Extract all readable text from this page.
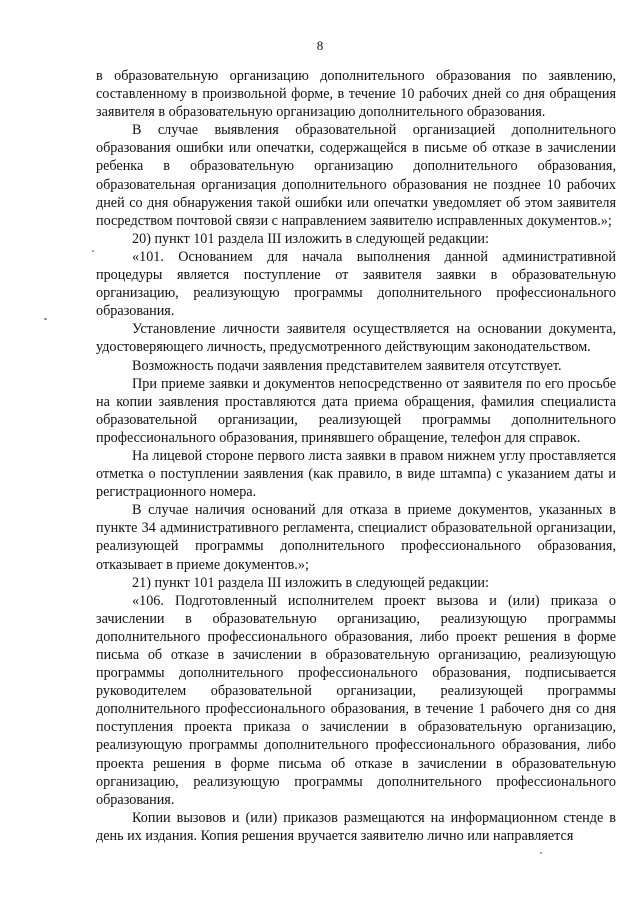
8

в образовательную организацию дополнительного образования по заявлению, составленному в произвольной форме, в течение 10 рабочих дней со дня обращения заявителя в образовательную организацию дополнительного образования.

В случае выявления образовательной организацией дополнительного образования ошибки или опечатки, содержащейся в письме об отказе в зачислении ребенка в образовательную организацию дополнительного образования, образовательная организация дополнительного образования не позднее 10 рабочих дней со дня обнаружения такой ошибки или опечатки уведомляет об этом заявителя посредством почтовой связи с направлением заявителю исправленных документов.»;

20) пункт 101 раздела III изложить в следующей редакции:

«101. Основанием для начала выполнения данной административной процедуры является поступление от заявителя заявки в образовательную организацию, реализующую программы дополнительного профессионального образования.

Установление личности заявителя осуществляется на основании документа, удостоверяющего личность, предусмотренного действующим законодательством.

Возможность подачи заявления представителем заявителя отсутствует.

При приеме заявки и документов непосредственно от заявителя по его просьбе на копии заявления проставляются дата приема обращения, фамилия специалиста образовательной организации, реализующей программы дополнительного профессионального образования, принявшего обращение, телефон для справок.

На лицевой стороне первого листа заявки в правом нижнем углу проставляется отметка о поступлении заявления (как правило, в виде штампа) с указанием даты и регистрационного номера.

В случае наличия оснований для отказа в приеме документов, указанных в пункте 34 административного регламента, специалист образовательной организации, реализующей программы дополнительного профессионального образования, отказывает в приеме документов.»;

21) пункт 101 раздела III изложить в следующей редакции:

«106. Подготовленный исполнителем проект вызова и (или) приказа о зачислении в образовательную организацию, реализующую программы дополнительного профессионального образования, либо проект решения в форме письма об отказе в зачислении в образовательную организацию, реализующую программы дополнительного профессионального образования, подписывается руководителем образовательной организации, реализующей программы дополнительного профессионального образования, в течение 1 рабочего дня со дня поступления проекта приказа о зачислении в образовательную организацию, реализующую программы дополнительного профессионального образования, либо проекта решения в форме письма об отказе в зачислении в образовательную организацию, реализующую программы дополнительного профессионального образования.

Копии вызовов и (или) приказов размещаются на информационном стенде в день их издания. Копия решения вручается заявителю лично или направляется
